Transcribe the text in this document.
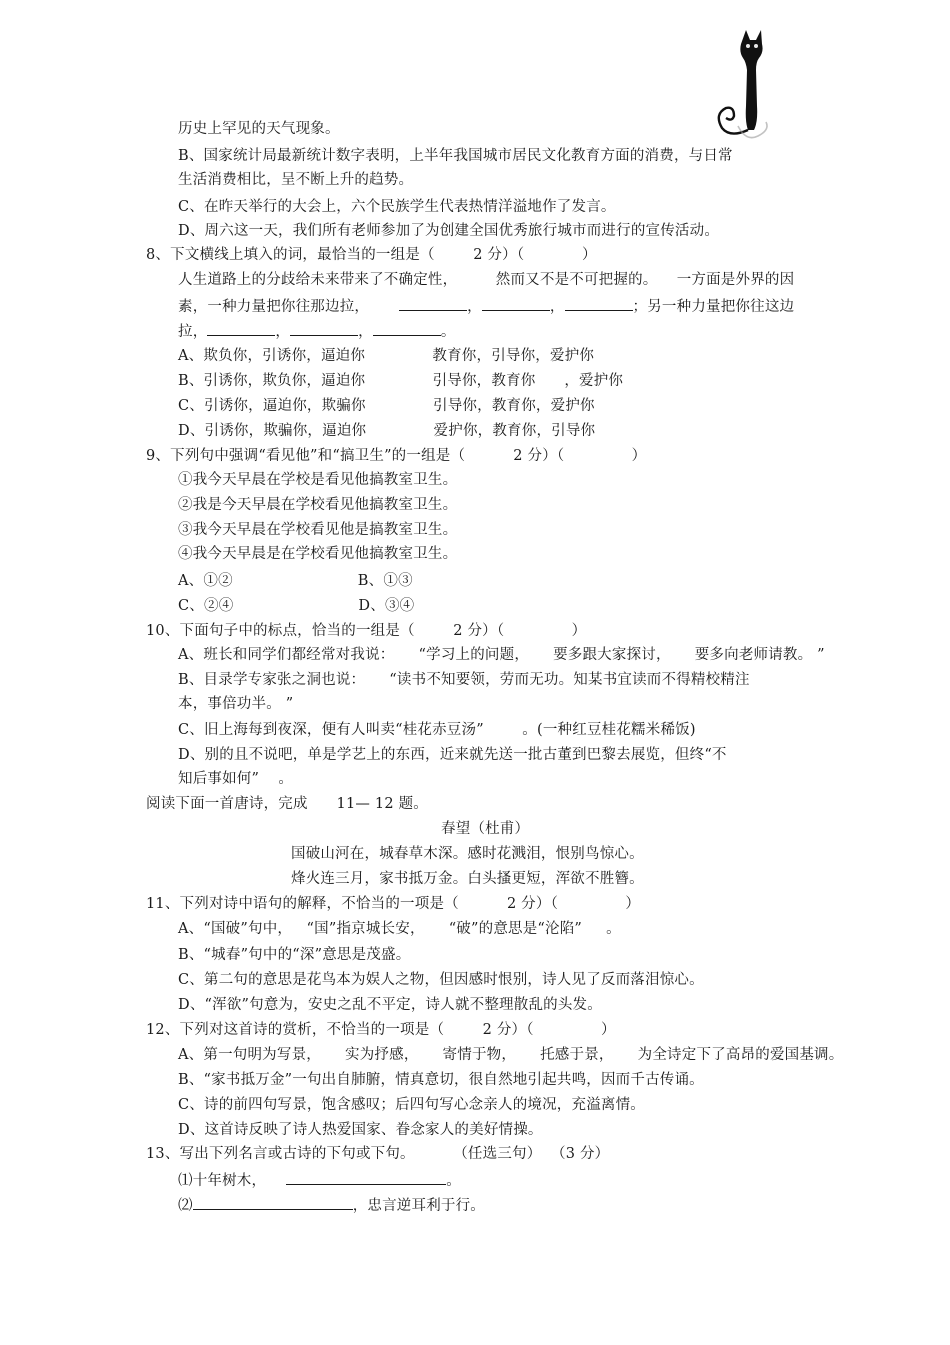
历史上罕见的天气现象。
B、国家统计局最新统计数字表明，上半年我国城市居民文化教育方面的消费，与日常
生活消费相比，呈不断上升的趋势。
C、在昨天举行的大会上，六个民族学生代表热情洋溢地作了发言。
D、周六这一天，我们所有老师参加了为创建全国优秀旅行城市而进行的宣传活动。
8、下文横线上填入的词，最恰当的一组是（        2 分）（            ）
人生道路上的分歧给未来带来了不确定性，        然而又不是不可把握的。    一方面是外界的因
素，一种力量把你往那边拉，	，	，	；另一种力量把你往这边
拉，	，	，	。
A、欺负你，引诱你，逼迫你              教育你，引导你，爱护你
B、引诱你，欺负你，逼迫你              引导你，教育你      ，爱护你
C、引诱你，逼迫你，欺骗你              引导你，教育你，爱护你
D、引诱你，欺骗你，逼迫你              爱护你，教育你，引导你
9、下列句中强调“看见他”和“搞卫生”的一组是（          2 分）（              ）
①我今天早晨在学校是看见他搞教室卫生。
②我是今天早晨在学校看见他搞教室卫生。
③我今天早晨在学校看见他是搞教室卫生。
④我今天早晨是在学校看见他搞教室卫生。
A、①②                          B、①③
C、②④                          D、③④
10、下面句子中的标点，恰当的一组是（        2 分）（              ）
A、班长和同学们都经常对我说：     “学习上的问题，     要多跟大家探讨，     要多向老师请教。 ”
B、目录学专家张之洞也说：     “读书不知要领，劳而无功。知某书宜读而不得精校精注
本，事倍功半。 ”
C、旧上海每到夜深，便有人叫卖“桂花赤豆汤”        。(一种红豆桂花糯米稀饭)
D、别的且不说吧，单是学艺上的东西，近来就先送一批古董到巴黎去展览，但终“不
知后事如何”    。
阅读下面一首唐诗，完成      11— 12 题。
春望（杜甫）
国破山河在，城春草木深。感时花溅泪，恨别鸟惊心。
烽火连三月，家书抵万金。白头搔更短，浑欲不胜簪。
11、下列对诗中语句的解释，不恰当的一项是（          2 分）（              ）
A、“国破”句中，   “国”指京城长安，     “破”的意思是“沦陷”     。
B、“城春”句中的“深”意思是茂盛。
C、第二句的意思是花鸟本为娱人之物，但因感时恨别，诗人见了反而落泪惊心。
D、“浑欲”句意为，安史之乱不平定，诗人就不整理散乱的头发。
12、下列对这首诗的赏析，不恰当的一项是（        2 分）（              ）
A、第一句明为写景，     实为抒感，     寄情于物，     托感于景，     为全诗定下了高昂的爱国基调。
B、“家书抵万金”一句出自肺腑，情真意切，很自然地引起共鸣，因而千古传诵。
C、诗的前四句写景，饱含感叹；后四句写心念亲人的境况，充溢离情。
D、这首诗反映了诗人热爱国家、眷念家人的美好情操。
13、写出下列名言或古诗的下句或下句。        （任选三句）  （3 分）
⑴十年树木，	。
⑵	，忠言逆耳利于行。
